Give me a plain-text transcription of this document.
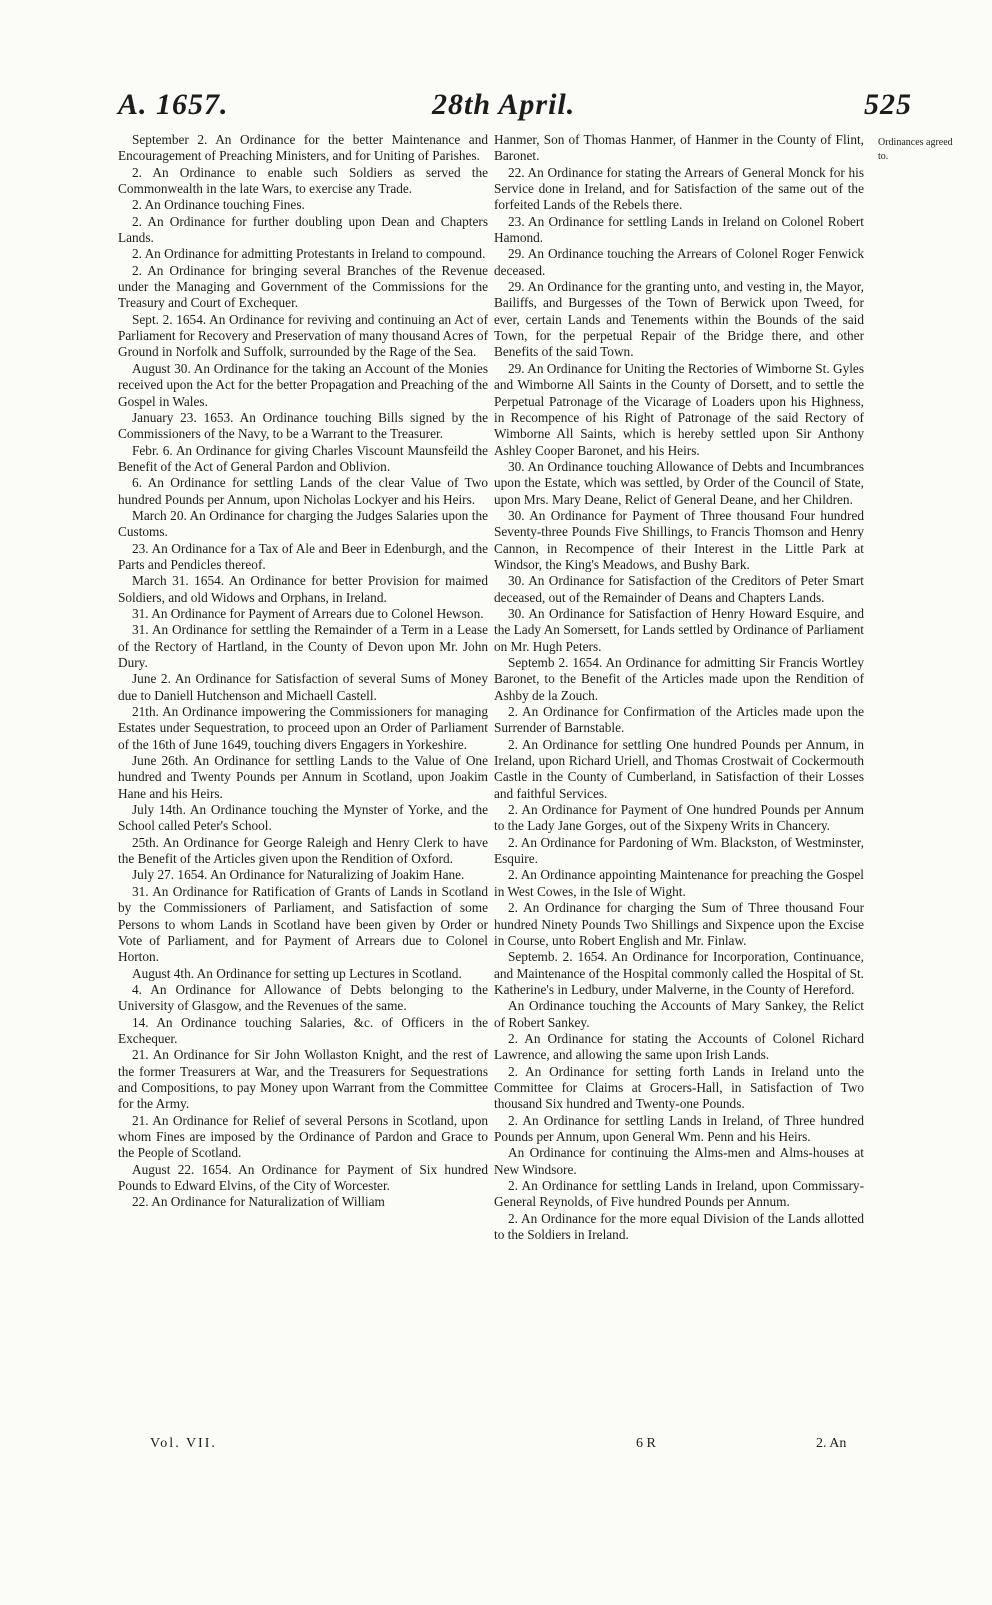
A. 1657.	28th April.	525

September 2. An Ordinance for the better Maintenance and Encouragement of Preaching Ministers, and for Uniting of Parishes.

2. An Ordinance to enable such Soldiers as served the Commonwealth in the late Wars, to exercise any Trade.

2. An Ordinance touching Fines.

2. An Ordinance for further doubling upon Dean and Chapters Lands.

2. An Ordinance for admitting Protestants in Ireland to compound.

2. An Ordinance for bringing several Branches of the Revenue under the Managing and Government of the Commissions for the Treasury and Court of Exchequer.

Sept. 2. 1654. An Ordinance for reviving and continuing an Act of Parliament for Recovery and Preservation of many thousand Acres of Ground in Norfolk and Suffolk, surrounded by the Rage of the Sea.

August 30. An Ordinance for the taking an Account of the Monies received upon the Act for the better Propagation and Preaching of the Gospel in Wales.

January 23. 1653. An Ordinance touching Bills signed by the Commissioners of the Navy, to be a Warrant to the Treasurer.

Febr. 6. An Ordinance for giving Charles Viscount Maunsfeild the Benefit of the Act of General Pardon and Oblivion.

6. An Ordinance for settling Lands of the clear Value of Two hundred Pounds per Annum, upon Nicholas Lockyer and his Heirs.

March 20. An Ordinance for charging the Judges Salaries upon the Customs.

23. An Ordinance for a Tax of Ale and Beer in Edenburgh, and the Parts and Pendicles thereof.

March 31. 1654. An Ordinance for better Provision for maimed Soldiers, and old Widows and Orphans, in Ireland.

31. An Ordinance for Payment of Arrears due to Colonel Hewson.

31. An Ordinance for settling the Remainder of a Term in a Lease of the Rectory of Hartland, in the County of Devon upon Mr. John Dury.

June 2. An Ordinance for Satisfaction of several Sums of Money due to Daniell Hutchenson and Michaell Castell.

21th. An Ordinance impowering the Commissioners for managing Estates under Sequestration, to proceed upon an Order of Parliament of the 16th of June 1649, touching divers Engagers in Yorkeshire.

June 26th. An Ordinance for settling Lands to the Value of One hundred and Twenty Pounds per Annum in Scotland, upon Joakim Hane and his Heirs.

July 14th. An Ordinance touching the Mynster of Yorke, and the School called Peter's School.

25th. An Ordinance for George Raleigh and Henry Clerk to have the Benefit of the Articles given upon the Rendition of Oxford.

July 27. 1654. An Ordinance for Naturalizing of Joakim Hane.

31. An Ordinance for Ratification of Grants of Lands in Scotland by the Commissioners of Parliament, and Satisfaction of some Persons to whom Lands in Scotland have been given by Order or Vote of Parliament, and for Payment of Arrears due to Colonel Horton.

August 4th. An Ordinance for setting up Lectures in Scotland.

4. An Ordinance for Allowance of Debts belonging to the University of Glasgow, and the Revenues of the same.

14. An Ordinance touching Salaries, &c. of Officers in the Exchequer.

21. An Ordinance for Sir John Wollaston Knight, and the rest of the former Treasurers at War, and the Treasurers for Sequestrations and Compositions, to pay Money upon Warrant from the Committee for the Army.

21. An Ordinance for Relief of several Persons in Scotland, upon whom Fines are imposed by the Ordinance of Pardon and Grace to the People of Scotland.

August 22. 1654. An Ordinance for Payment of Six hundred Pounds to Edward Elvins, of the City of Worcester.

22. An Ordinance for Naturalization of William

Hanmer, Son of Thomas Hanmer, of Hanmer in the County of Flint, Baronet.

22. An Ordinance for stating the Arrears of General Monck for his Service done in Ireland, and for Satisfaction of the same out of the forfeited Lands of the Rebels there.

23. An Ordinance for settling Lands in Ireland on Colonel Robert Hamond.

29. An Ordinance touching the Arrears of Colonel Roger Fenwick deceased.

29. An Ordinance for the granting unto, and vesting in, the Mayor, Bailiffs, and Burgesses of the Town of Berwick upon Tweed, for ever, certain Lands and Tenements within the Bounds of the said Town, for the perpetual Repair of the Bridge there, and other Benefits of the said Town.

29. An Ordinance for Uniting the Rectories of Wimborne St. Gyles and Wimborne All Saints in the County of Dorsett, and to settle the Perpetual Patronage of the Vicarage of Loaders upon his Highness, in Recompence of his Right of Patronage of the said Rectory of Wimborne All Saints, which is hereby settled upon Sir Anthony Ashley Cooper Baronet, and his Heirs.

30. An Ordinance touching Allowance of Debts and Incumbrances upon the Estate, which was settled, by Order of the Council of State, upon Mrs. Mary Deane, Relict of General Deane, and her Children.

30. An Ordinance for Payment of Three thousand Four hundred Seventy-three Pounds Five Shillings, to Francis Thomson and Henry Cannon, in Recompence of their Interest in the Little Park at Windsor, the King's Meadows, and Bushy Bark.

30. An Ordinance for Satisfaction of the Creditors of Peter Smart deceased, out of the Remainder of Deans and Chapters Lands.

30. An Ordinance for Satisfaction of Henry Howard Esquire, and the Lady An Somersett, for Lands settled by Ordinance of Parliament on Mr. Hugh Peters.

Septemb 2. 1654. An Ordinance for admitting Sir Francis Wortley Baronet, to the Benefit of the Articles made upon the Rendition of Ashby de la Zouch.

2. An Ordinance for Confirmation of the Articles made upon the Surrender of Barnstable.

2. An Ordinance for settling One hundred Pounds per Annum, in Ireland, upon Richard Uriell, and Thomas Crostwait of Cockermouth Castle in the County of Cumberland, in Satisfaction of their Losses and faithful Services.

2. An Ordinance for Payment of One hundred Pounds per Annum to the Lady Jane Gorges, out of the Sixpeny Writs in Chancery.

2. An Ordinance for Pardoning of Wm. Blackston, of Westminster, Esquire.

2. An Ordinance appointing Maintenance for preaching the Gospel in West Cowes, in the Isle of Wight.

2. An Ordinance for charging the Sum of Three thousand Four hundred Ninety Pounds Two Shillings and Sixpence upon the Excise in Course, unto Robert English and Mr. Finlaw.

Septemb. 2. 1654. An Ordinance for Incorporation, Continuance, and Maintenance of the Hospital commonly called the Hospital of St. Katherine's in Ledbury, under Malverne, in the County of Hereford.

An Ordinance touching the Accounts of Mary Sankey, the Relict of Robert Sankey.

2. An Ordinance for stating the Accounts of Colonel Richard Lawrence, and allowing the same upon Irish Lands.

2. An Ordinance for setting forth Lands in Ireland unto the Committee for Claims at Grocers-Hall, in Satisfaction of Two thousand Six hundred and Twenty-one Pounds.

2. An Ordinance for settling Lands in Ireland, of Three hundred Pounds per Annum, upon General Wm. Penn and his Heirs.

An Ordinance for continuing the Alms-men and Alms-houses at New Windsore.

2. An Ordinance for settling Lands in Ireland, upon Commissary-General Reynolds, of Five hundred Pounds per Annum.

2. An Ordinance for the more equal Division of the Lands allotted to the Soldiers in Ireland.

Ordinances agreed to.
Vol. VII.	6 R	2. An
